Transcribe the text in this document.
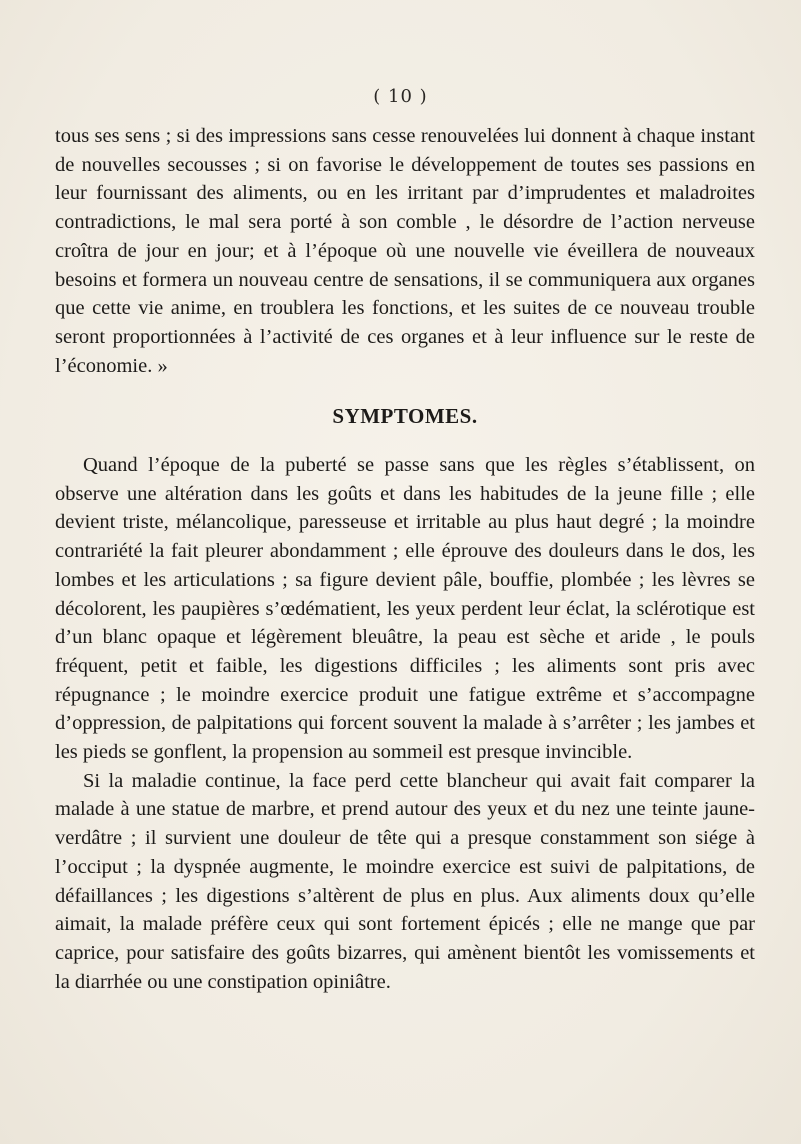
( 10 )

tous ses sens ; si des impressions sans cesse renouvelées lui donnent à chaque instant de nouvelles secousses ; si on favorise le développement de toutes ses passions en leur fournissant des aliments, ou en les irritant par d’imprudentes et maladroites contradictions, le mal sera porté à son comble , le désordre de l’action nerveuse croîtra de jour en jour; et à l’époque où une nouvelle vie éveillera de nouveaux besoins et formera un nouveau centre de sensations, il se communiquera aux organes que cette vie anime, en troublera les fonctions, et les suites de ce nouveau trouble seront proportionnées à l’activité de ces organes et à leur influence sur le reste de l’économie. »

SYMPTOMES.

Quand l’époque de la puberté se passe sans que les règles s’établissent, on observe une altération dans les goûts et dans les habitudes de la jeune fille ; elle devient triste, mélancolique, paresseuse et irritable au plus haut degré ; la moindre contrariété la fait pleurer abondamment ; elle éprouve des douleurs dans le dos, les lombes et les articulations ; sa figure devient pâle, bouffie, plombée ; les lèvres se décolorent, les paupières s’œdématient, les yeux perdent leur éclat, la sclérotique est d’un blanc opaque et légèrement bleuâtre, la peau est sèche et aride , le pouls fréquent, petit et faible, les digestions difficiles ; les aliments sont pris avec répugnance ; le moindre exercice produit une fatigue extrême et s’accompagne d’oppression, de palpitations qui forcent souvent la malade à s’arrêter ; les jambes et les pieds se gonflent, la propension au sommeil est presque invincible.

Si la maladie continue, la face perd cette blancheur qui avait fait comparer la malade à une statue de marbre, et prend autour des yeux et du nez une teinte jaune-verdâtre ; il survient une douleur de tête qui a presque constamment son siége à l’occiput ; la dyspnée augmente, le moindre exercice est suivi de palpitations, de défaillances ; les digestions s’altèrent de plus en plus. Aux aliments doux qu’elle aimait, la malade préfère ceux qui sont fortement épicés ; elle ne mange que par caprice, pour satisfaire des goûts bizarres, qui amènent bientôt les vomissements et la diarrhée ou une constipation opiniâtre.
